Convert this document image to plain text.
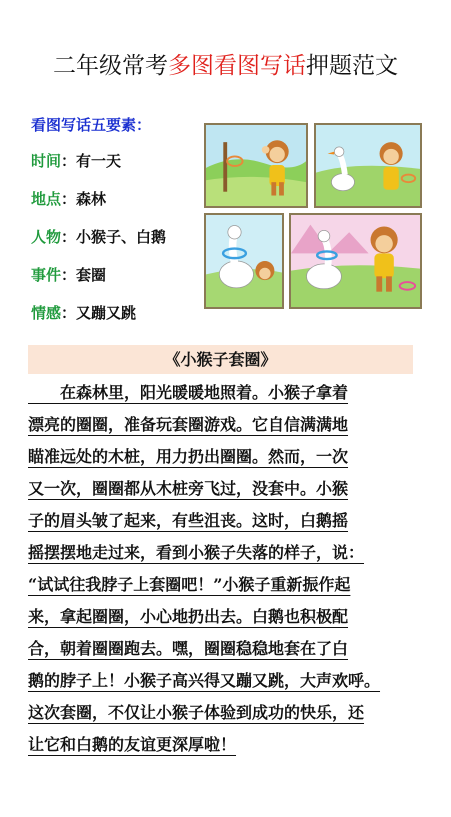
二年级常考多图看图写话押题范文
看图写话五要素：
时间：有一天
地点：森林
人物：小猴子、白鹅
事件：套圈
情感：又蹦又跳
《小猴子套圈》

　　在森林里，阳光暖暖地照着。小猴子拿着
漂亮的圈圈，准备玩套圈游戏。它自信满满地
瞄准远处的木桩，用力扔出圈圈。然而，一次
又一次，圈圈都从木桩旁飞过，没套中。小猴
子的眉头皱了起来，有些沮丧。这时，白鹅摇
摇摆摆地走过来，看到小猴子失落的样子，说：
“试试往我脖子上套圈吧！”小猴子重新振作起
来，拿起圈圈，小心地扔出去。白鹅也积极配
合，朝着圈圈跑去。嘿，圈圈稳稳地套在了白
鹅的脖子上！小猴子高兴得又蹦又跳，大声欢呼。
这次套圈，不仅让小猴子体验到成功的快乐，还
让它和白鹅的友谊更深厚啦！
